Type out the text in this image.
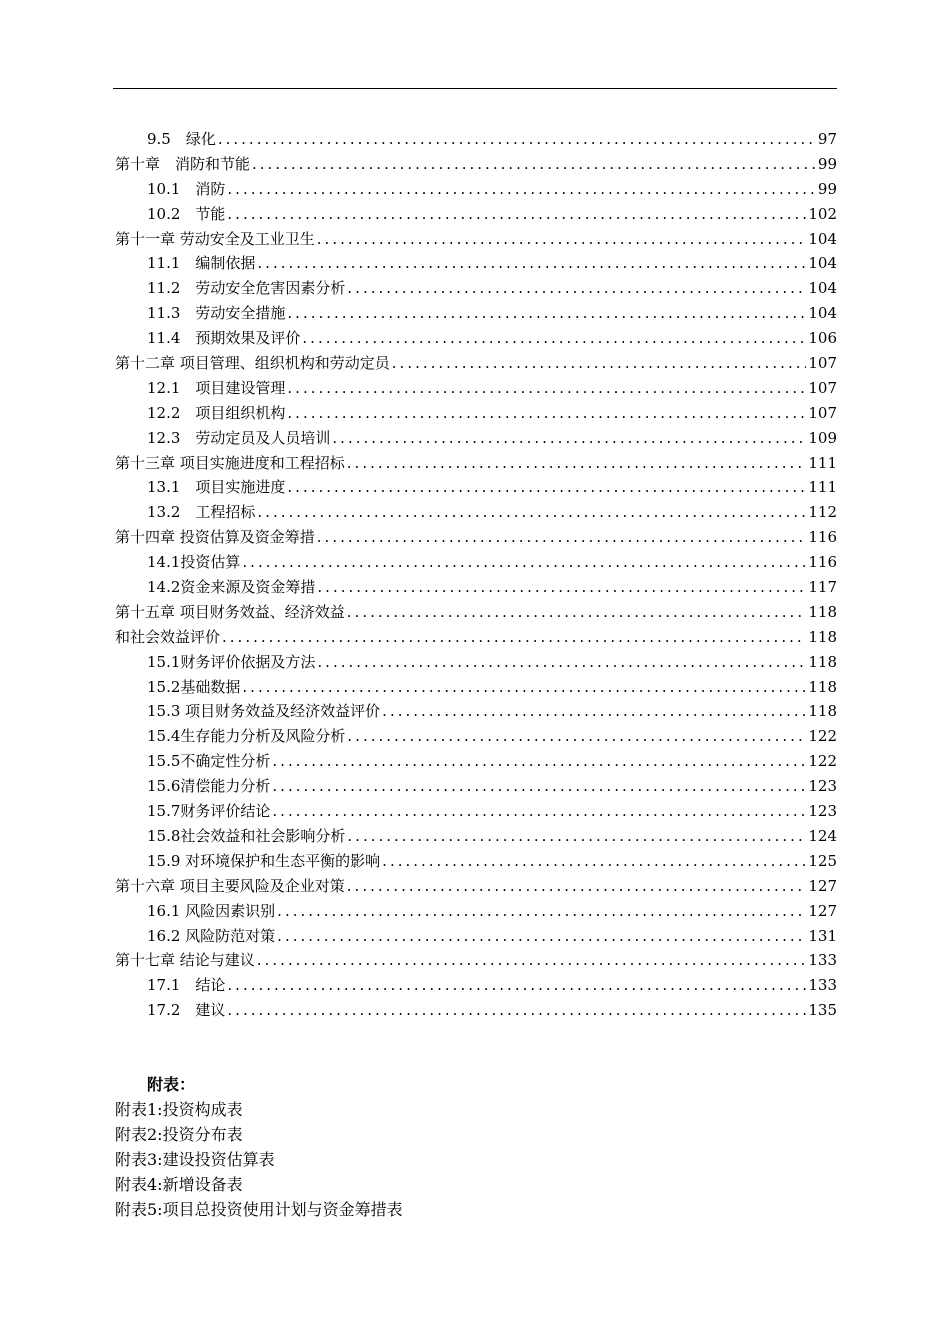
9.5　绿化 .....	97
第十章　消防和节能 .....	99
10.1　消防 .....	99
10.2　节能 .....	102
第十一章 劳动安全及工业卫生 .....	104
11.1　编制依据 .....	104
11.2　劳动安全危害因素分析 .....	104
11.3　劳动安全措施 .....	104
11.4　预期效果及评价 .....	106
第十二章 项目管理、组织机构和劳动定员 .....	107
12.1　项目建设管理 .....	107
12.2　项目组织机构 .....	107
12.3　劳动定员及人员培训 .....	109
第十三章 项目实施进度和工程招标 .....	111
13.1　项目实施进度 .....	111
13.2　工程招标 .....	112
第十四章 投资估算及资金筹措 .....	116
14.1投资估算 .....	116
14.2资金来源及资金筹措 .....	117
第十五章 项目财务效益、经济效益 .....	118
和社会效益评价 .....	118
15.1财务评价依据及方法 .....	118
15.2基础数据 .....	118
15.3 项目财务效益及经济效益评价 .....	118
15.4生存能力分析及风险分析 .....	122
15.5不确定性分析 .....	122
15.6清偿能力分析 .....	123
15.7财务评价结论 .....	123
15.8社会效益和社会影响分析 .....	124
15.9 对环境保护和生态平衡的影响 .....	125
第十六章 项目主要风险及企业对策 .....	127
16.1 风险因素识别 .....	127
16.2 风险防范对策 .....	131
第十七章 结论与建议 .....	133
17.1　结论 .....	133
17.2　建议 .....	135
附表：
附表1:投资构成表
附表2:投资分布表
附表3:建设投资估算表
附表4:新增设备表
附表5:项目总投资使用计划与资金筹措表
